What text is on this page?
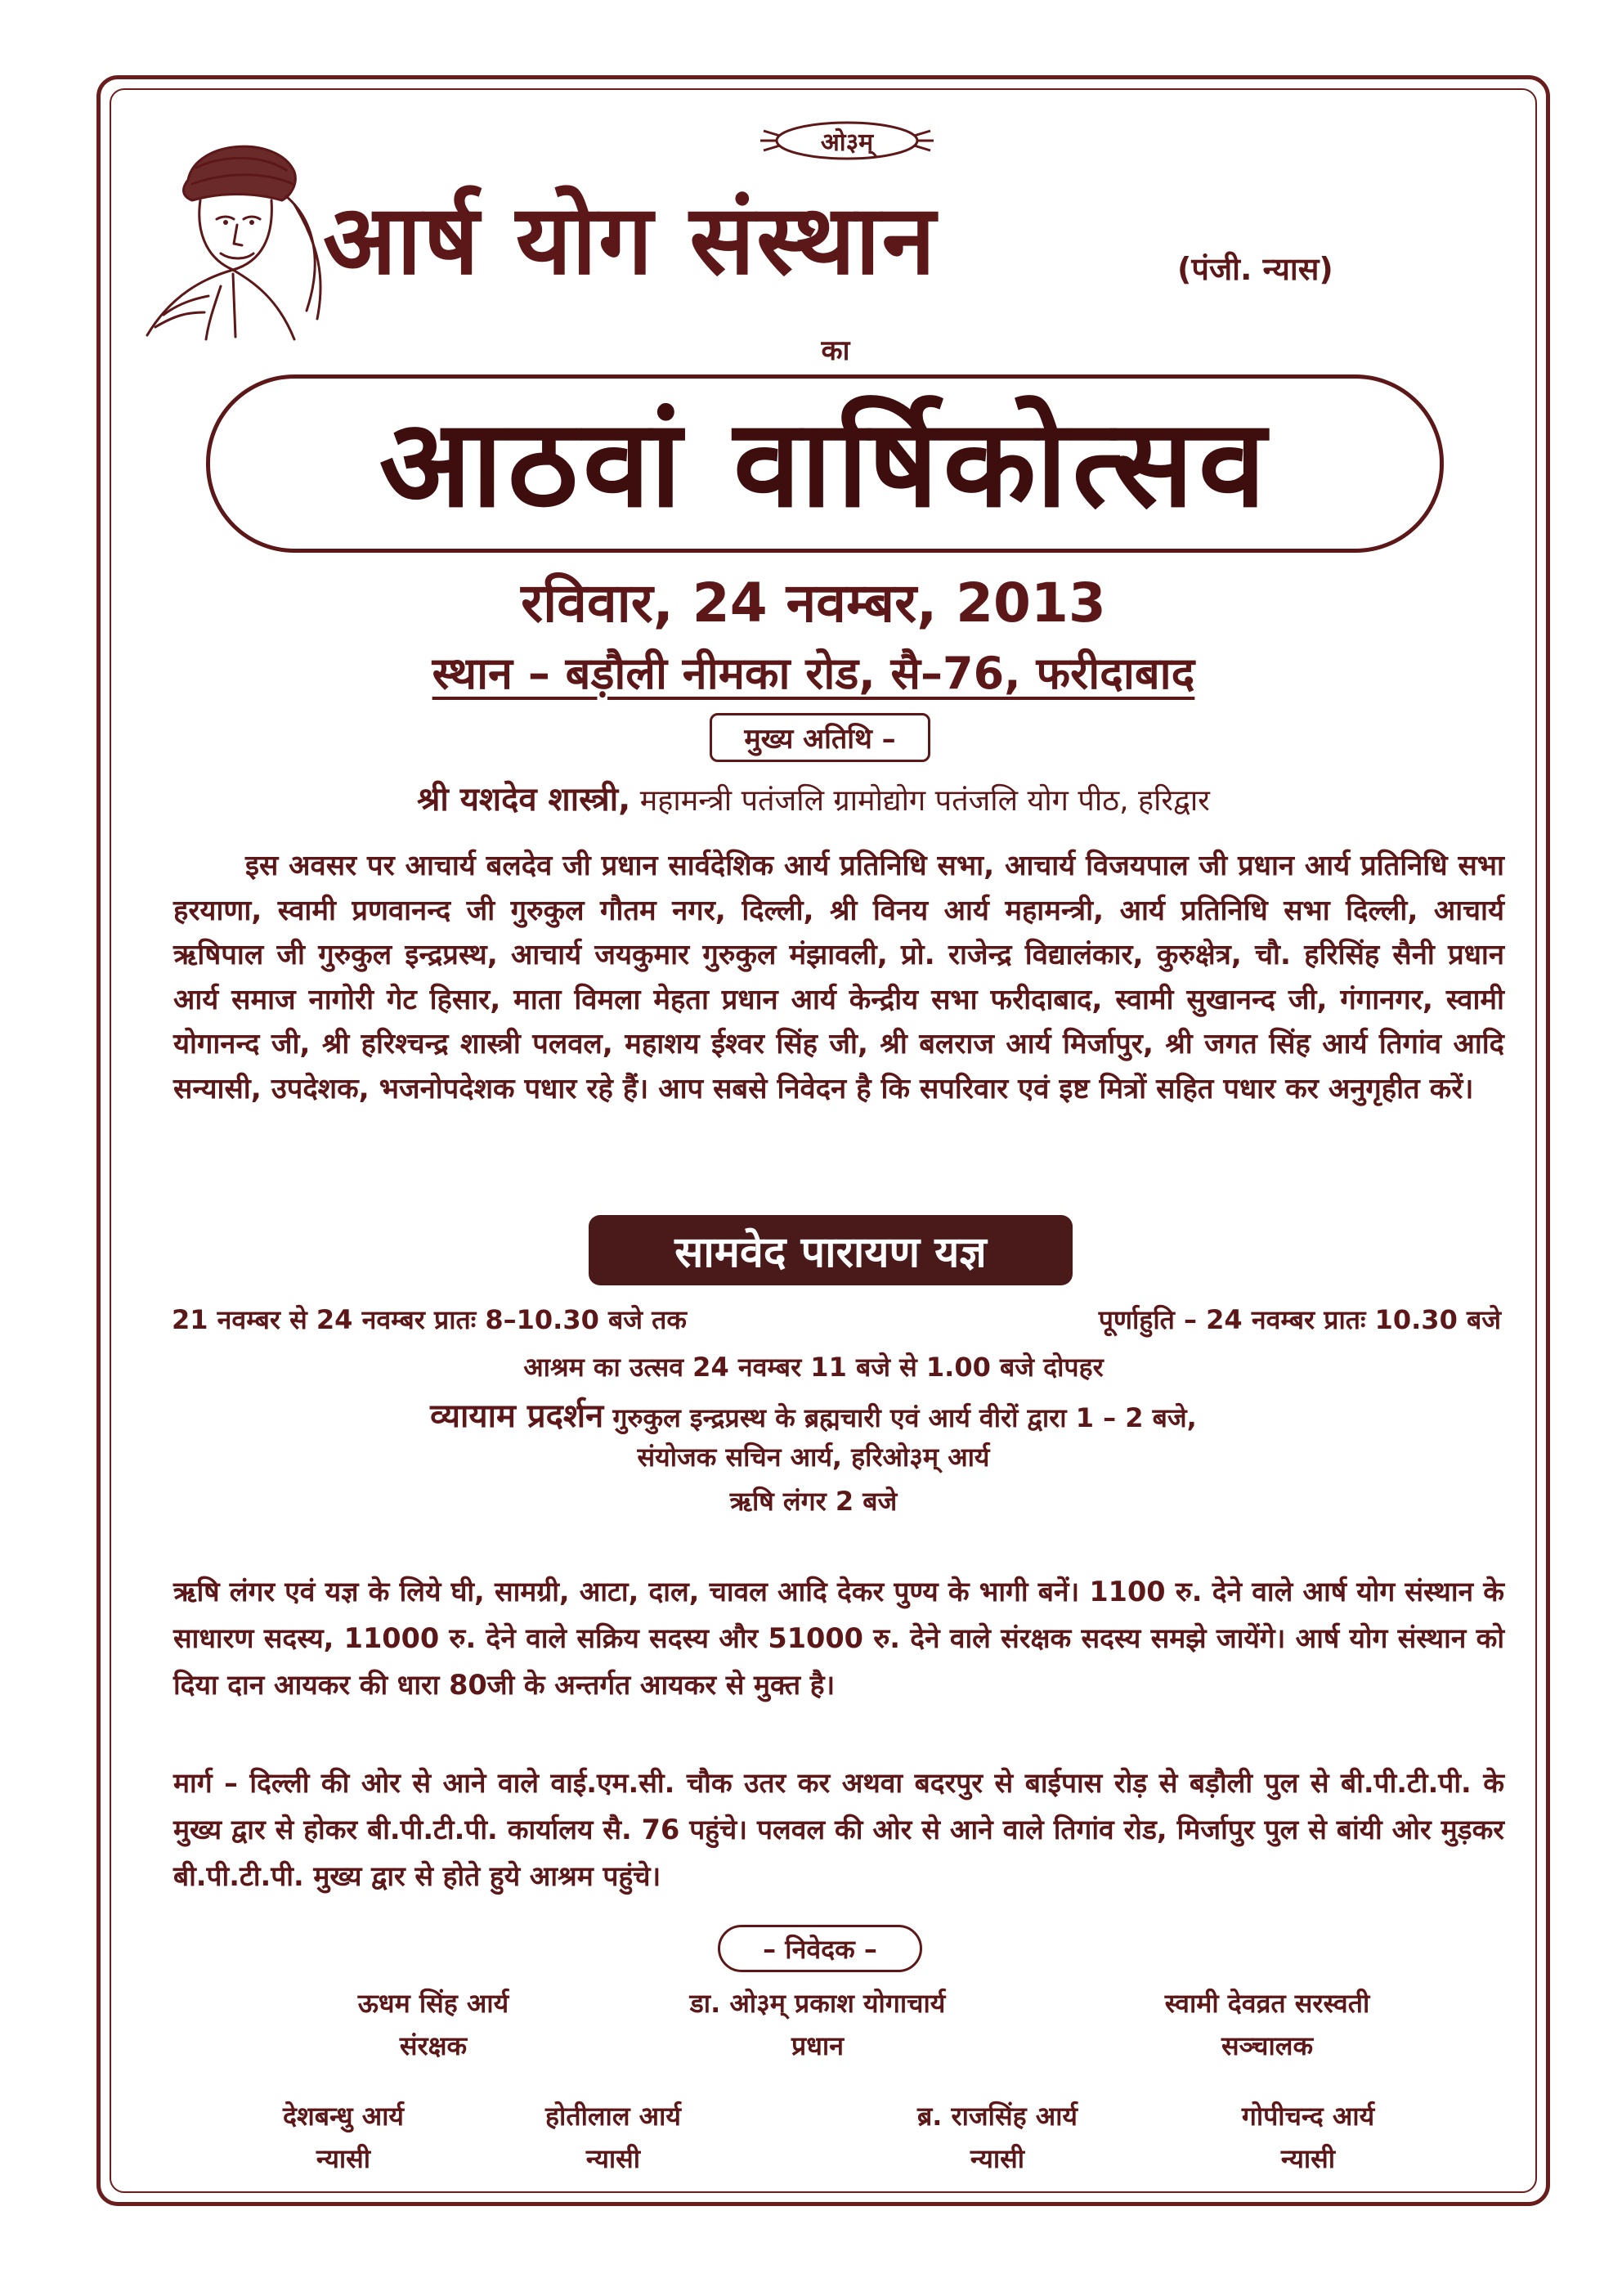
ओ३म्
आर्ष योग संस्थान	(पंजी. न्यास)
का
आठवां वार्षिकोत्सव
रविवार, 24 नवम्बर, 2013
स्थान – बड़ौली नीमका रोड, सै–76, फरीदाबाद
मुख्य अतिथि –
श्री यशदेव शास्त्री, महामन्त्री पतंजलि ग्रामोद्योग पतंजलि योग पीठ, हरिद्वार
इस अवसर पर आचार्य बलदेव जी प्रधान सार्वदेशिक आर्य प्रतिनिधि सभा, आचार्य विजयपाल जी प्रधान आर्य प्रतिनिधि सभा हरयाणा, स्वामी प्रणवानन्द जी गुरुकुल गौतम नगर, दिल्ली, श्री विनय आर्य महामन्त्री, आर्य प्रतिनिधि सभा दिल्ली, आचार्य ऋषिपाल जी गुरुकुल इन्द्रप्रस्थ, आचार्य जयकुमार गुरुकुल मंझावली, प्रो. राजेन्द्र विद्यालंकार, कुरुक्षेत्र, चौ. हरिसिंह सैनी प्रधान आर्य समाज नागोरी गेट हिसार, माता विमला मेहता प्रधान आर्य केन्द्रीय सभा फरीदाबाद, स्वामी सुखानन्द जी, गंगानगर, स्वामी योगानन्द जी, श्री हरिश्चन्द्र शास्त्री पलवल, महाशय ईश्वर सिंह जी, श्री बलराज आर्य मिर्जापुर, श्री जगत सिंह आर्य तिगांव आदि सन्यासी, उपदेशक, भजनोपदेशक पधार रहे हैं। आप सबसे निवेदन है कि सपरिवार एवं इष्ट मित्रों सहित पधार कर अनुगृहीत करें।
सामवेद पारायण यज्ञ
21 नवम्बर से 24 नवम्बर प्रातः 8–10.30 बजे तक	पूर्णाहुति – 24 नवम्बर प्रातः 10.30 बजे
आश्रम का उत्सव 24 नवम्बर 11 बजे से 1.00 बजे दोपहर
व्यायाम प्रदर्शन गुरुकुल इन्द्रप्रस्थ के ब्रह्मचारी एवं आर्य वीरों द्वारा 1 – 2 बजे,
संयोजक सचिन आर्य, हरिओ३म् आर्य
ऋषि लंगर 2 बजे
ऋषि लंगर एवं यज्ञ के लिये घी, सामग्री, आटा, दाल, चावल आदि देकर पुण्य के भागी बनें। 1100 रु. देने वाले आर्ष योग संस्थान के साधारण सदस्य, 11000 रु. देने वाले सक्रिय सदस्य और 51000 रु. देने वाले संरक्षक सदस्य समझे जायेंगे। आर्ष योग संस्थान को दिया दान आयकर की धारा 80जी के अन्तर्गत आयकर से मुक्त है।
मार्ग – दिल्ली की ओर से आने वाले वाई.एम.सी. चौक उतर कर अथवा बदरपुर से बाईपास रोड़ से बड़ौली पुल से बी.पी.टी.पी. के मुख्य द्वार से होकर बी.पी.टी.पी. कार्यालय सै. 76 पहुंचे। पलवल की ओर से आने वाले तिगांव रोड, मिर्जापुर पुल से बांयी ओर मुड़कर बी.पी.टी.पी. मुख्य द्वार से होते हुये आश्रम पहुंचे।
– निवेदक –
ऊधम सिंह आर्य
संरक्षक
डा. ओ३म् प्रकाश योगाचार्य
प्रधान
स्वामी देवव्रत सरस्वती
सञ्चालक
देशबन्धु आर्य
न्यासी
होतीलाल आर्य
न्यासी
ब्र. राजसिंह आर्य
न्यासी
गोपीचन्द आर्य
न्यासी
